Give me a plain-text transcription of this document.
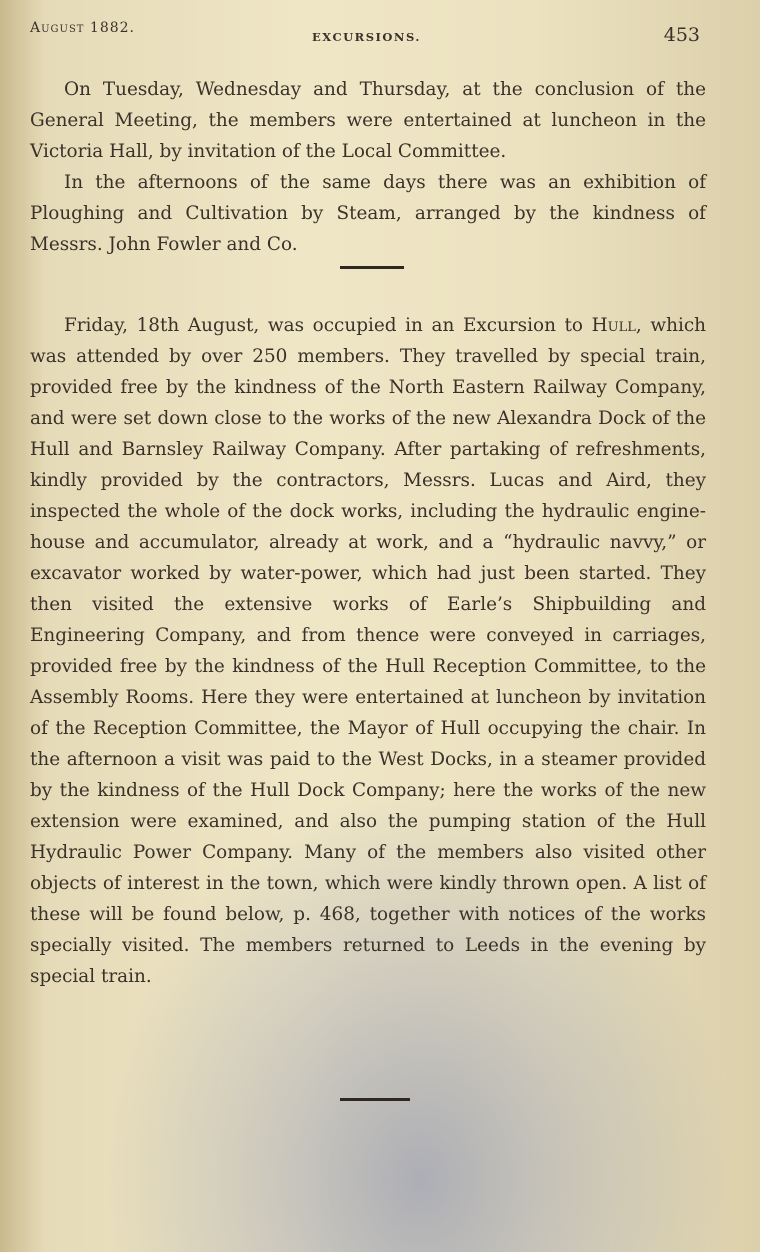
August 1882.
EXCURSIONS.	453

On Tuesday, Wednesday and Thursday, at the conclusion of the General Meeting, the members were entertained at luncheon in the Victoria Hall, by invitation of the Local Committee.

In the afternoons of the same days there was an exhibition of Ploughing and Cultivation by Steam, arranged by the kindness of Messrs. John Fowler and Co.

Friday, 18th August, was occupied in an Excursion to Hull, which was attended by over 250 members. They travelled by special train, provided free by the kindness of the North Eastern Railway Company, and were set down close to the works of the new Alexandra Dock of the Hull and Barnsley Railway Company. After partaking of refreshments, kindly provided by the contractors, Messrs. Lucas and Aird, they inspected the whole of the dock works, including the hydraulic engine-house and accumulator, already at work, and a “hydraulic navvy,” or excavator worked by water-power, which had just been started. They then visited the extensive works of Earle’s Shipbuilding and Engineering Company, and from thence were conveyed in carriages, provided free by the kindness of the Hull Reception Committee, to the Assembly Rooms. Here they were entertained at luncheon by invitation of the Reception Committee, the Mayor of Hull occupying the chair. In the afternoon a visit was paid to the West Docks, in a steamer provided by the kindness of the Hull Dock Company; here the works of the new extension were examined, and also the pumping station of the Hull Hydraulic Power Company. Many of the members also visited other objects of interest in the town, which were kindly thrown open. A list of these will be found below, p. 468, together with notices of the works specially visited. The members returned to Leeds in the evening by special train.
